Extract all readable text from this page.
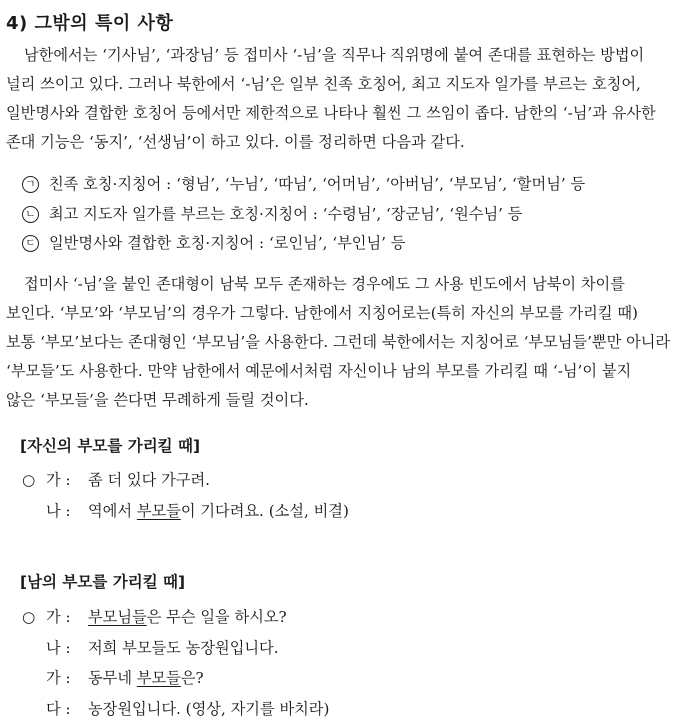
4) 그밖의 특이 사항
남한에서는 ‘기사님’, ‘과장님’ 등 접미사 ‘-님’을 직무나 직위명에 붙여 존대를 표현하는 방법이
널리 쓰이고 있다. 그러나 북한에서 ‘-님’은 일부 친족 호칭어, 최고 지도자 일가를 부르는 호칭어,
일반명사와 결합한 호칭어 등에서만 제한적으로 나타나 훨씬 그 쓰임이 좁다. 남한의 ‘-님’과 유사한
존대 기능은 ‘동지’, ‘선생님’이 하고 있다. 이를 정리하면 다음과 같다.
ㄱ 친족 호칭·지칭어 : ‘형님’, ‘누님’, ‘따님’, ‘어머님’, ‘아버님’, ‘부모님’, ‘할머님’ 등
ㄴ 최고 지도자 일가를 부르는 호칭·지칭어 : ‘수령님’, ‘장군님’, ‘원수님’ 등
ㄷ 일반명사와 결합한 호칭·지칭어 : ‘로인님’, ‘부인님’ 등
접미사 ‘-님’을 붙인 존대형이 남북 모두 존재하는 경우에도 그 사용 빈도에서 남북이 차이를
보인다. ‘부모’와 ‘부모님’의 경우가 그렇다. 남한에서 지칭어로는(특히 자신의 부모를 가리킬 때)
보통 ‘부모’보다는 존대형인 ‘부모님’을 사용한다. 그런데 북한에서는 지칭어로 ‘부모님들’뿐만 아니라
‘부모들’도 사용한다. 만약 남한에서 예문에서처럼 자신이나 남의 부모를 가리킬 때 ‘-님’이 붙지
않은 ‘부모들’을 쓴다면 무례하게 들릴 것이다.
[자신의 부모를 가리킬 때]
○ 가 :	좀 더 있다 가구려.
나 :	역에서 부모들이 기다려요. (소설, 비결)
[남의 부모를 가리킬 때]
○ 가 :	부모님들은 무슨 일을 하시오?
나 :	저희 부모들도 농장원입니다.
가 :	동무네 부모들은?
다 :	농장원입니다. (영상, 자기를 바치라)
